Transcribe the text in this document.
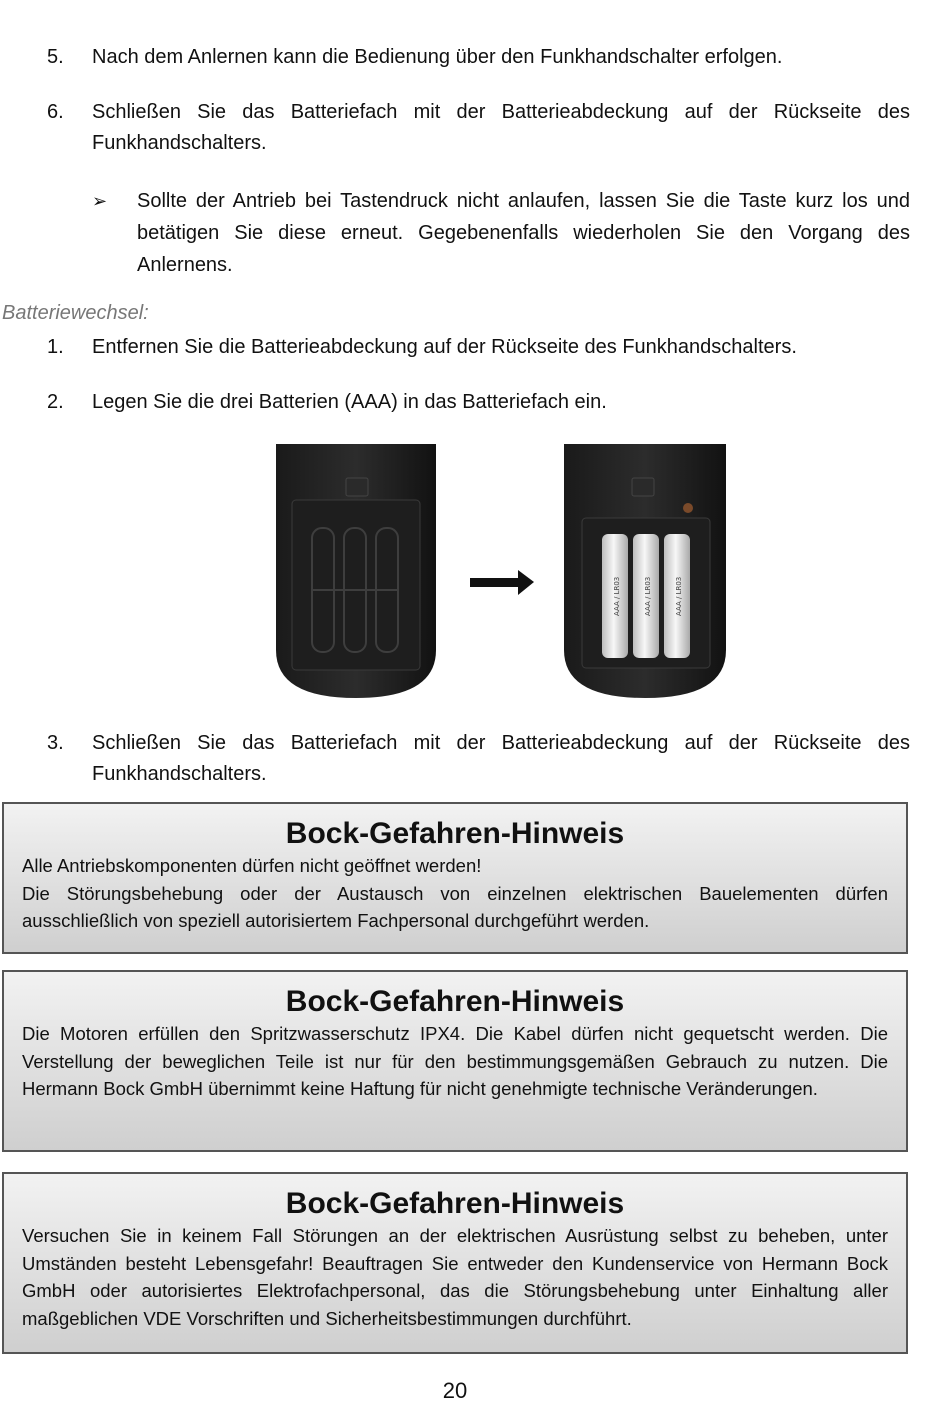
5. Nach dem Anlernen kann die Bedienung über den Funkhandschalter erfolgen.
6. Schließen Sie das Batteriefach mit der Batterieabdeckung auf der Rückseite des Funkhandschalters.
➢ Sollte der Antrieb bei Tastendruck nicht anlaufen, lassen Sie die Taste kurz los und betätigen Sie diese erneut. Gegebenenfalls wiederholen Sie den Vorgang des Anlernens.
Batteriewechsel:
1. Entfernen Sie die Batterieabdeckung auf der Rückseite des Funkhandschalters.
2. Legen Sie die drei Batterien (AAA) in das Batteriefach ein.
AAA / LR03	AAA / LR03	AAA / LR03
3. Schließen Sie das Batteriefach mit der Batterieabdeckung auf der Rückseite des Funkhandschalters.
Bock-Gefahren-Hinweis
Alle Antriebskomponenten dürfen nicht geöffnet werden!
Die Störungsbehebung oder der Austausch von einzelnen elektrischen Bauelementen dürfen ausschließlich von speziell autorisiertem Fachpersonal durchgeführt werden.
Bock-Gefahren-Hinweis
Die Motoren erfüllen den Spritzwasserschutz IPX4. Die Kabel dürfen nicht gequetscht werden. Die Verstellung der beweglichen Teile ist nur für den bestimmungsgemäßen Gebrauch zu nutzen. Die Hermann Bock GmbH übernimmt keine Haftung für nicht genehmigte technische Veränderungen.
Bock-Gefahren-Hinweis
Versuchen Sie in keinem Fall Störungen an der elektrischen Ausrüstung selbst zu beheben, unter Umständen besteht Lebensgefahr! Beauftragen Sie entweder den Kundenservice von Hermann Bock GmbH oder autorisiertes Elektrofachpersonal, das die Störungsbehebung unter Einhaltung aller maßgeblichen VDE Vorschriften und Sicherheitsbestimmungen durchführt.
20
